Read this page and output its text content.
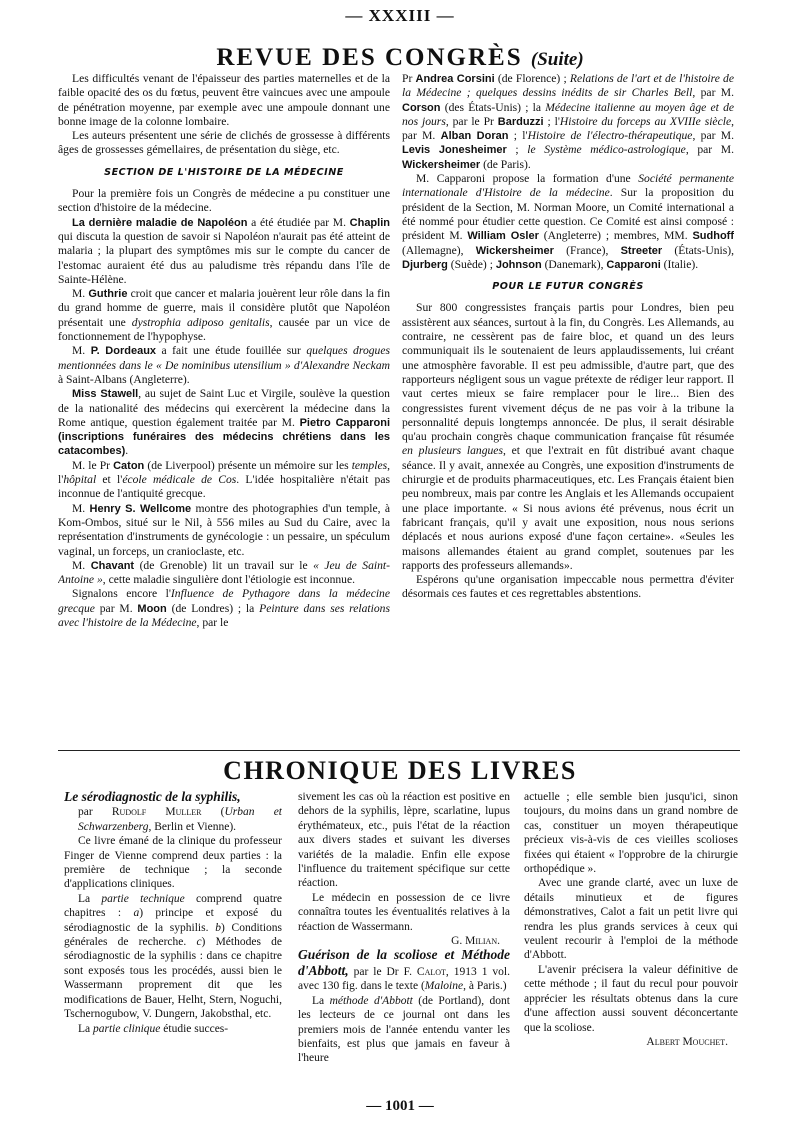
— XXXIII —
REVUE DES CONGRÈS (Suite)

Les difficultés venant de l'épaisseur des parties maternelles et de la faible opacité des os du fœtus, peuvent être vaincues avec une ampoule de pénétration moyenne, par exemple avec une ampoule donnant une bonne image de la colonne lombaire.

Les auteurs présentent une série de clichés de grossesse à différents âges de grossesses gémellaires, de présentation du siège, etc.

SECTION DE L'HISTOIRE DE LA MÉDECINE

Pour la première fois un Congrès de médecine a pu constituer une section d'histoire de la médecine.

La dernière maladie de Napoléon a été étudiée par M. Chaplin qui discuta la question de savoir si Napoléon n'aurait pas été atteint de malaria ; la plupart des symptômes mis sur le compte du cancer de l'estomac auraient été dus au paludisme très répandu dans l'île de Sainte-Hélène.

M. Guthrie croit que cancer et malaria jouèrent leur rôle dans la fin du grand homme de guerre, mais il considère plutôt que Napoléon présentait une dystrophia adiposo genitalis, causée par un vice de fonctionnement de l'hypophyse.

M. P. Dordeaux a fait une étude fouillée sur quelques drogues mentionnées dans le « De nominibus utensilium » d'Alexandre Neckam à Saint-Albans (Angleterre).

Miss Stawell, au sujet de Saint Luc et Virgile, soulève la question de la nationalité des médecins qui exercèrent la médecine dans la Rome antique, question également traitée par M. Pietro Capparoni (inscriptions funéraires des médecins chrétiens dans les catacombes).

M. le Pr Caton (de Liverpool) présente un mémoire sur les temples, l'hôpital et l'école médicale de Cos. L'idée hospitalière n'était pas inconnue de l'antiquité grecque.

M. Henry S. Wellcome montre des photographies d'un temple, à Kom-Ombos, situé sur le Nil, à 556 miles au Sud du Caire, avec la représentation d'instruments de gynécologie : un pessaire, un spéculum vaginal, un forceps, un cranioclaste, etc.

M. Chavant (de Grenoble) lit un travail sur le « Jeu de Saint-Antoine », cette maladie singulière dont l'étiologie est inconnue.

Signalons encore l'Influence de Pythagore dans la médecine grecque par M. Moon (de Londres) ; la Peinture dans ses relations avec l'histoire de la Médecine, par le

Pr Andrea Corsini (de Florence) ; Relations de l'art et de l'histoire de la Médecine ; quelques dessins inédits de sir Charles Bell, par M. Corson (des États-Unis) ; la Médecine italienne au moyen âge et de nos jours, par le Pr Barduzzi ; l'Histoire du forceps au XVIIIe siècle, par M. Alban Doran ; l'Histoire de l'électro-thérapeutique, par M. Levis Jonesheimer ; le Système médico-astrologique, par M. Wickersheimer (de Paris).

M. Capparoni propose la formation d'une Société permanente internationale d'Histoire de la médecine. Sur la proposition du président de la Section, M. Norman Moore, un Comité international a été nommé pour étudier cette question. Ce Comité est ainsi composé : président M. William Osler (Angleterre) ; membres, MM. Sudhoff (Allemagne), Wickersheimer (France), Streeter (États-Unis), Djurberg (Suède) ; Johnson (Danemark), Capparoni (Italie).

POUR LE FUTUR CONGRÈS

Sur 800 congressistes français partis pour Londres, bien peu assistèrent aux séances, surtout à la fin, du Congrès. Les Allemands, au contraire, ne cessèrent pas de faire bloc, et quand un des leurs communiquait ils le soutenaient de leurs applaudissements, lui créant une atmosphère favorable. Il est peu admissible, d'autre part, que des rapporteurs négligent sous un vague prétexte de rédiger leur rapport. Il vaut certes mieux se faire remplacer pour le lire... Bien des congressistes furent vivement déçus de ne pas voir à la tribune la personnalité depuis longtemps annoncée. De plus, il serait désirable qu'au prochain congrès chaque communication française fût résumée en plusieurs langues, et que l'extrait en fût distribué avant chaque séance. Il y avait, annexée au Congrès, une exposition d'instruments de chirurgie et de produits pharmaceutiques, etc. Les Français étaient bien peu nombreux, mais par contre les Anglais et les Allemands occupaient une place importante. « Si nous avions été prévenus, nous écrit un fabricant français, qu'il y avait une exposition, nous nous serions déplacés et nous aurions exposé d'une façon certaine». «Seules les maisons allemandes étaient au grand complet, soutenues par les rapports des professeurs allemands».

Espérons qu'une organisation impeccable nous permettra d'éviter désormais ces fautes et ces regrettables abstentions.

CHRONIQUE DES LIVRES

Le sérodiagnostic de la syphilis,

par Rudolf Muller (Urban et Schwarzenberg, Berlin et Vienne).

Ce livre émané de la clinique du professeur Finger de Vienne comprend deux parties : la première de technique ; la seconde d'applications cliniques.

La partie technique comprend quatre chapitres : a) principe et exposé du sérodiagnostic de la syphilis. b) Conditions générales de recherche. c) Méthodes de sérodiagnostic de la syphilis : dans ce chapitre sont exposés tous les procédés, aussi bien le Wassermann proprement dit que les modifications de Bauer, Helht, Stern, Noguchi, Tschernogubow, V. Dungern, Jakobsthal, etc.

La partie clinique étudie succes-

sivement les cas où la réaction est positive en dehors de la syphilis, lèpre, scarlatine, lupus érythémateux, etc., puis l'état de la réaction aux divers stades et suivant les diverses variétés de la maladie. Enfin elle expose l'influence du traitement spécifique sur cette réaction.

Le médecin en possession de ce livre connaîtra toutes les éventualités relatives à la réaction de Wassermann.

G. Milian.

Guérison de la scoliose et Méthode d'Abbott, par le Dr F. Calot, 1913 1 vol. avec 130 fig. dans le texte (Maloine, à Paris.)

La méthode d'Abbott (de Portland), dont les lecteurs de ce journal ont dans les premiers mois de l'année entendu vanter les bienfaits, est plus que jamais en faveur à l'heure

actuelle ; elle semble bien jusqu'ici, sinon toujours, du moins dans un grand nombre de cas, constituer un moyen thérapeutique précieux vis-à-vis de ces vieilles scolioses fixées qui étaient « l'opprobre de la chirurgie orthopédique ».

Avec une grande clarté, avec un luxe de détails minutieux et de figures démonstratives, Calot a fait un petit livre qui rendra les plus grands services à ceux qui veulent recourir à l'emploi de la méthode d'Abbott.

L'avenir précisera la valeur définitive de cette méthode ; il faut du recul pour pouvoir apprécier les résultats obtenus dans la cure d'une affection aussi souvent déconcertante que la scoliose.

Albert Mouchet.

— 1001 —
